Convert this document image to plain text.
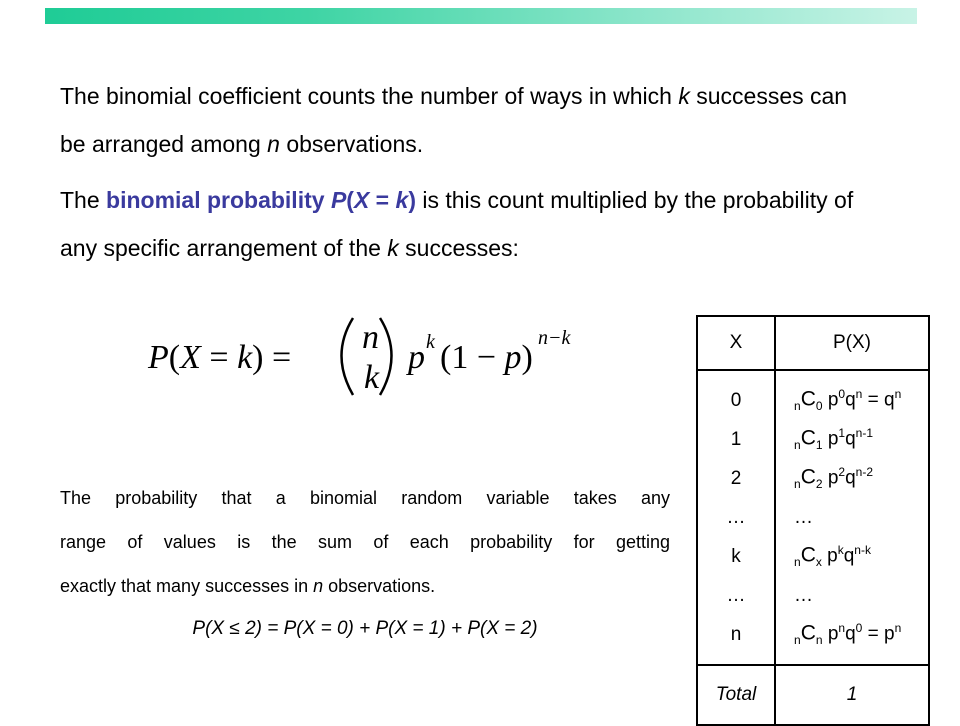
The binomial coefficient counts the number of ways in which k successes can be arranged among n observations.

The binomial probability P(X = k) is this count multiplied by the probability of any specific arrangement of the k successes:

P(X = k) =
n
k
p k (1 − p)
n−k
The probability that a binomial random variable takes any
range of values is the sum of each probability for getting
exactly that many successes in n observations.
P(X ≤ 2) = P(X = 0) + P(X = 1) + P(X = 2)
X	P(X)
0	$_nC_0$ $p^0q^n = q^n$
1	$_nC_1$ $p^1q^{n-1}$
2	$_nC_2$ $p^2q^{n-2}$
…	…
k	$_nC_x$ $p^kq^{n-k}$
…	…
n	$_nC_n$ $p^nq^0 = p^n$
Total	1
